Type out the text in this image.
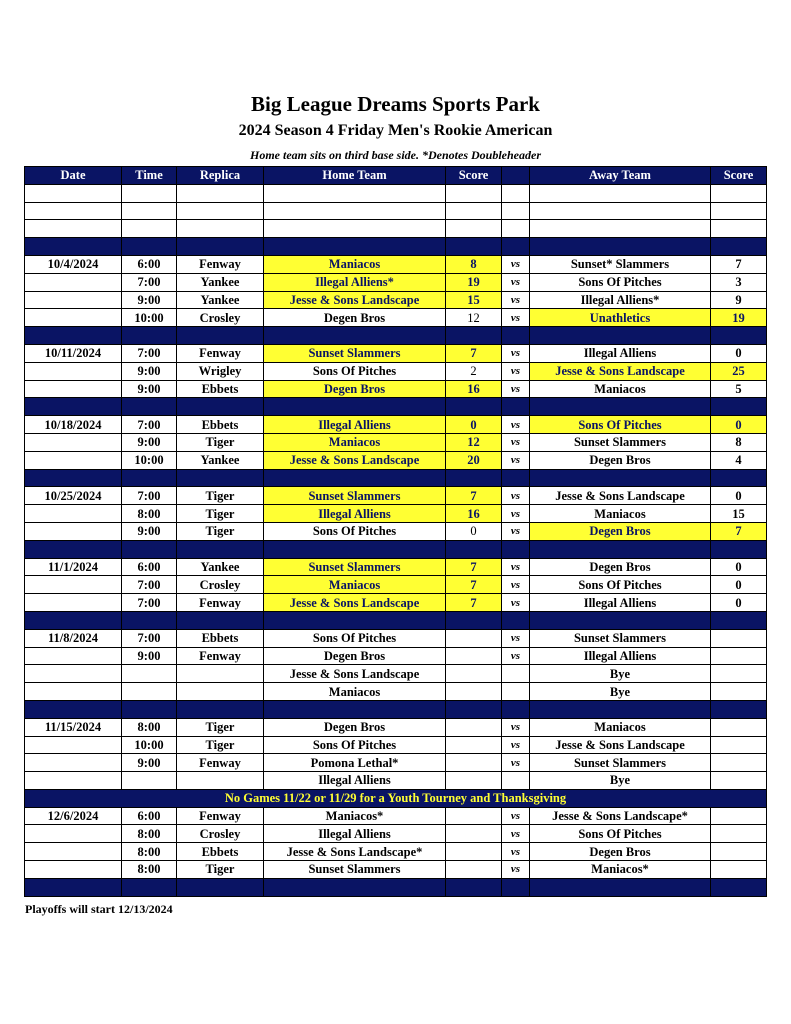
Big League Dreams Sports Park
2024 Season 4 Friday Men's Rookie American
Home team sits on third base side. *Denotes Doubleheader
Date	Time	Replica	Home Team	Score		Away Team	Score

10/4/2024	6:00	Fenway	Maniacos	8	vs	Sunset* Slammers	7
	7:00	Yankee	Illegal Alliens*	19	vs	Sons Of Pitches	3
	9:00	Yankee	Jesse & Sons Landscape	15	vs	Illegal Alliens*	9
	10:00	Crosley	Degen Bros	12	vs	Unathletics	19

10/11/2024	7:00	Fenway	Sunset Slammers	7	vs	Illegal Alliens	0
	9:00	Wrigley	Sons Of Pitches	2	vs	Jesse & Sons Landscape	25
	9:00	Ebbets	Degen Bros	16	vs	Maniacos	5

10/18/2024	7:00	Ebbets	Illegal Alliens	0	vs	Sons Of Pitches	0
	9:00	Tiger	Maniacos	12	vs	Sunset Slammers	8
	10:00	Yankee	Jesse & Sons Landscape	20	vs	Degen Bros	4

10/25/2024	7:00	Tiger	Sunset Slammers	7	vs	Jesse & Sons Landscape	0
	8:00	Tiger	Illegal Alliens	16	vs	Maniacos	15
	9:00	Tiger	Sons Of Pitches	0	vs	Degen Bros	7

11/1/2024	6:00	Yankee	Sunset Slammers	7	vs	Degen Bros	0
	7:00	Crosley	Maniacos	7	vs	Sons Of Pitches	0
	7:00	Fenway	Jesse & Sons Landscape	7	vs	Illegal Alliens	0

11/8/2024	7:00	Ebbets	Sons Of Pitches		vs	Sunset Slammers	
	9:00	Fenway	Degen Bros		vs	Illegal Alliens	
			Jesse & Sons Landscape			Bye	
			Maniacos			Bye	

11/15/2024	8:00	Tiger	Degen Bros		vs	Maniacos	
	10:00	Tiger	Sons Of Pitches		vs	Jesse & Sons Landscape	
	9:00	Fenway	Pomona Lethal*		vs	Sunset Slammers	
			Illegal Alliens			Bye	
No Games 11/22 or 11/29 for a Youth Tourney and Thanksgiving							
12/6/2024	6:00	Fenway	Maniacos*		vs	Jesse & Sons Landscape*	
	8:00	Crosley	Illegal Alliens		vs	Sons Of Pitches	
	8:00	Ebbets	Jesse & Sons Landscape*		vs	Degen Bros	
	8:00	Tiger	Sunset Slammers		vs	Maniacos*	

Playoffs will start 12/13/2024
